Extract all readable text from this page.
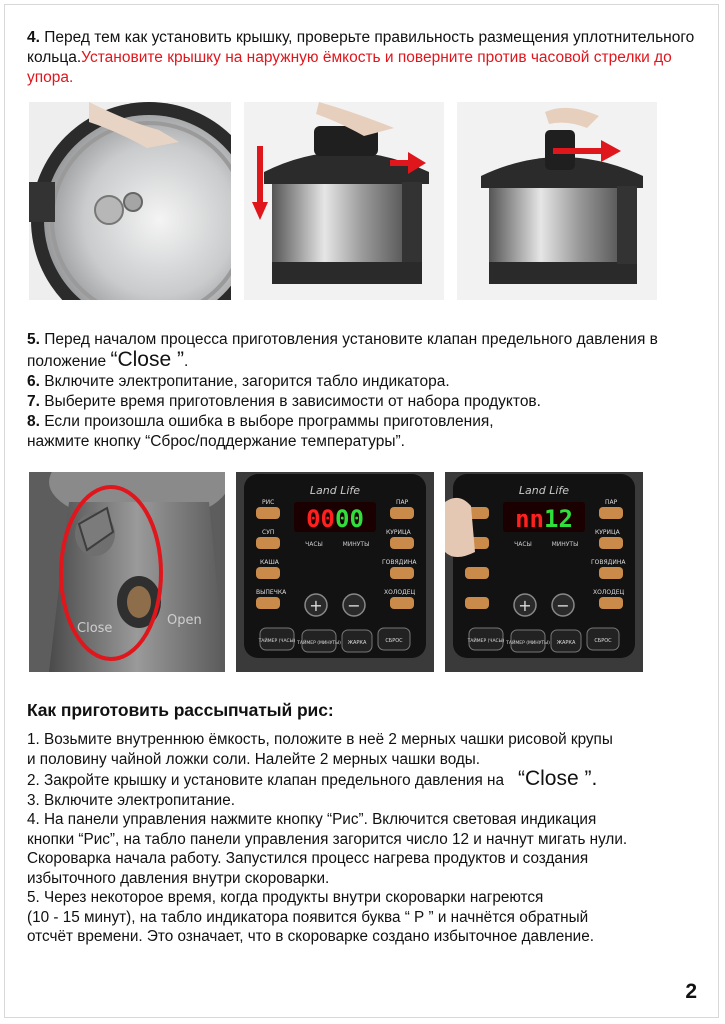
4. Перед тем как установить крышку, проверьте правильность размещения уплотнительного кольца.Установите крышку на наружную ёмкость и поверните против часовой стрелки до упора.

5. Перед началом процесса приготовления установите клапан предельного давления в положение “Close ”.
6. Включите электропитание, загорится табло индикатора.
7. Выберите время приготовления в зависимости от набора продуктов.
8. Если произошла ошибка в выборе программы приготовления,
нажмите кнопку “Сброс/поддержание температуры”.

Close
Open
Land Life
0000
ЧАСЫ	МИНУТЫ
РИС
СУП
КАША
ВЫПЕЧКА
ПАР
КУРИЦА
ГОВЯДИНА
ХОЛОДЕЦ
+ −
ТАЙМЕР (ЧАСЫ) ТАЙМЕР (МИНУТЫ) ЖАРКА	СБРОС
Land Life
nn12
ЧАСЫ	МИНУТЫ
ПАР
КУРИЦА
ГОВЯДИНА
ХОЛОДЕЦ
+ −
ТАЙМЕР (ЧАСЫ) ТАЙМЕР (МИНУТЫ) ЖАРКА	СБРОС
Как приготовить рассыпчатый рис:
1. Возьмите внутреннюю ёмкость, положите в неё 2 мерных чашки рисовой крупы
и половину чайной ложки соли. Налейте 2 мерных чашки воды.
2. Закройте крышку и установите клапан предельного давления на “Close ”.
3. Включите электропитание.
4. На панели управления нажмите кнопку “Рис”. Включится световая индикация
кнопки “Рис”, на табло панели управления загорится число 12 и начнут мигать нули.
Скороварка начала работу. Запустился процесс нагрева продуктов и создания
избыточного давления внутри скороварки.
5. Через некоторое время, когда продукты внутри скороварки нагреются
(10 - 15 минут), на табло индикатора появится буква “ Р ” и начнётся обратный
отсчёт времени. Это означает, что в скороварке создано избыточное давление.
2
